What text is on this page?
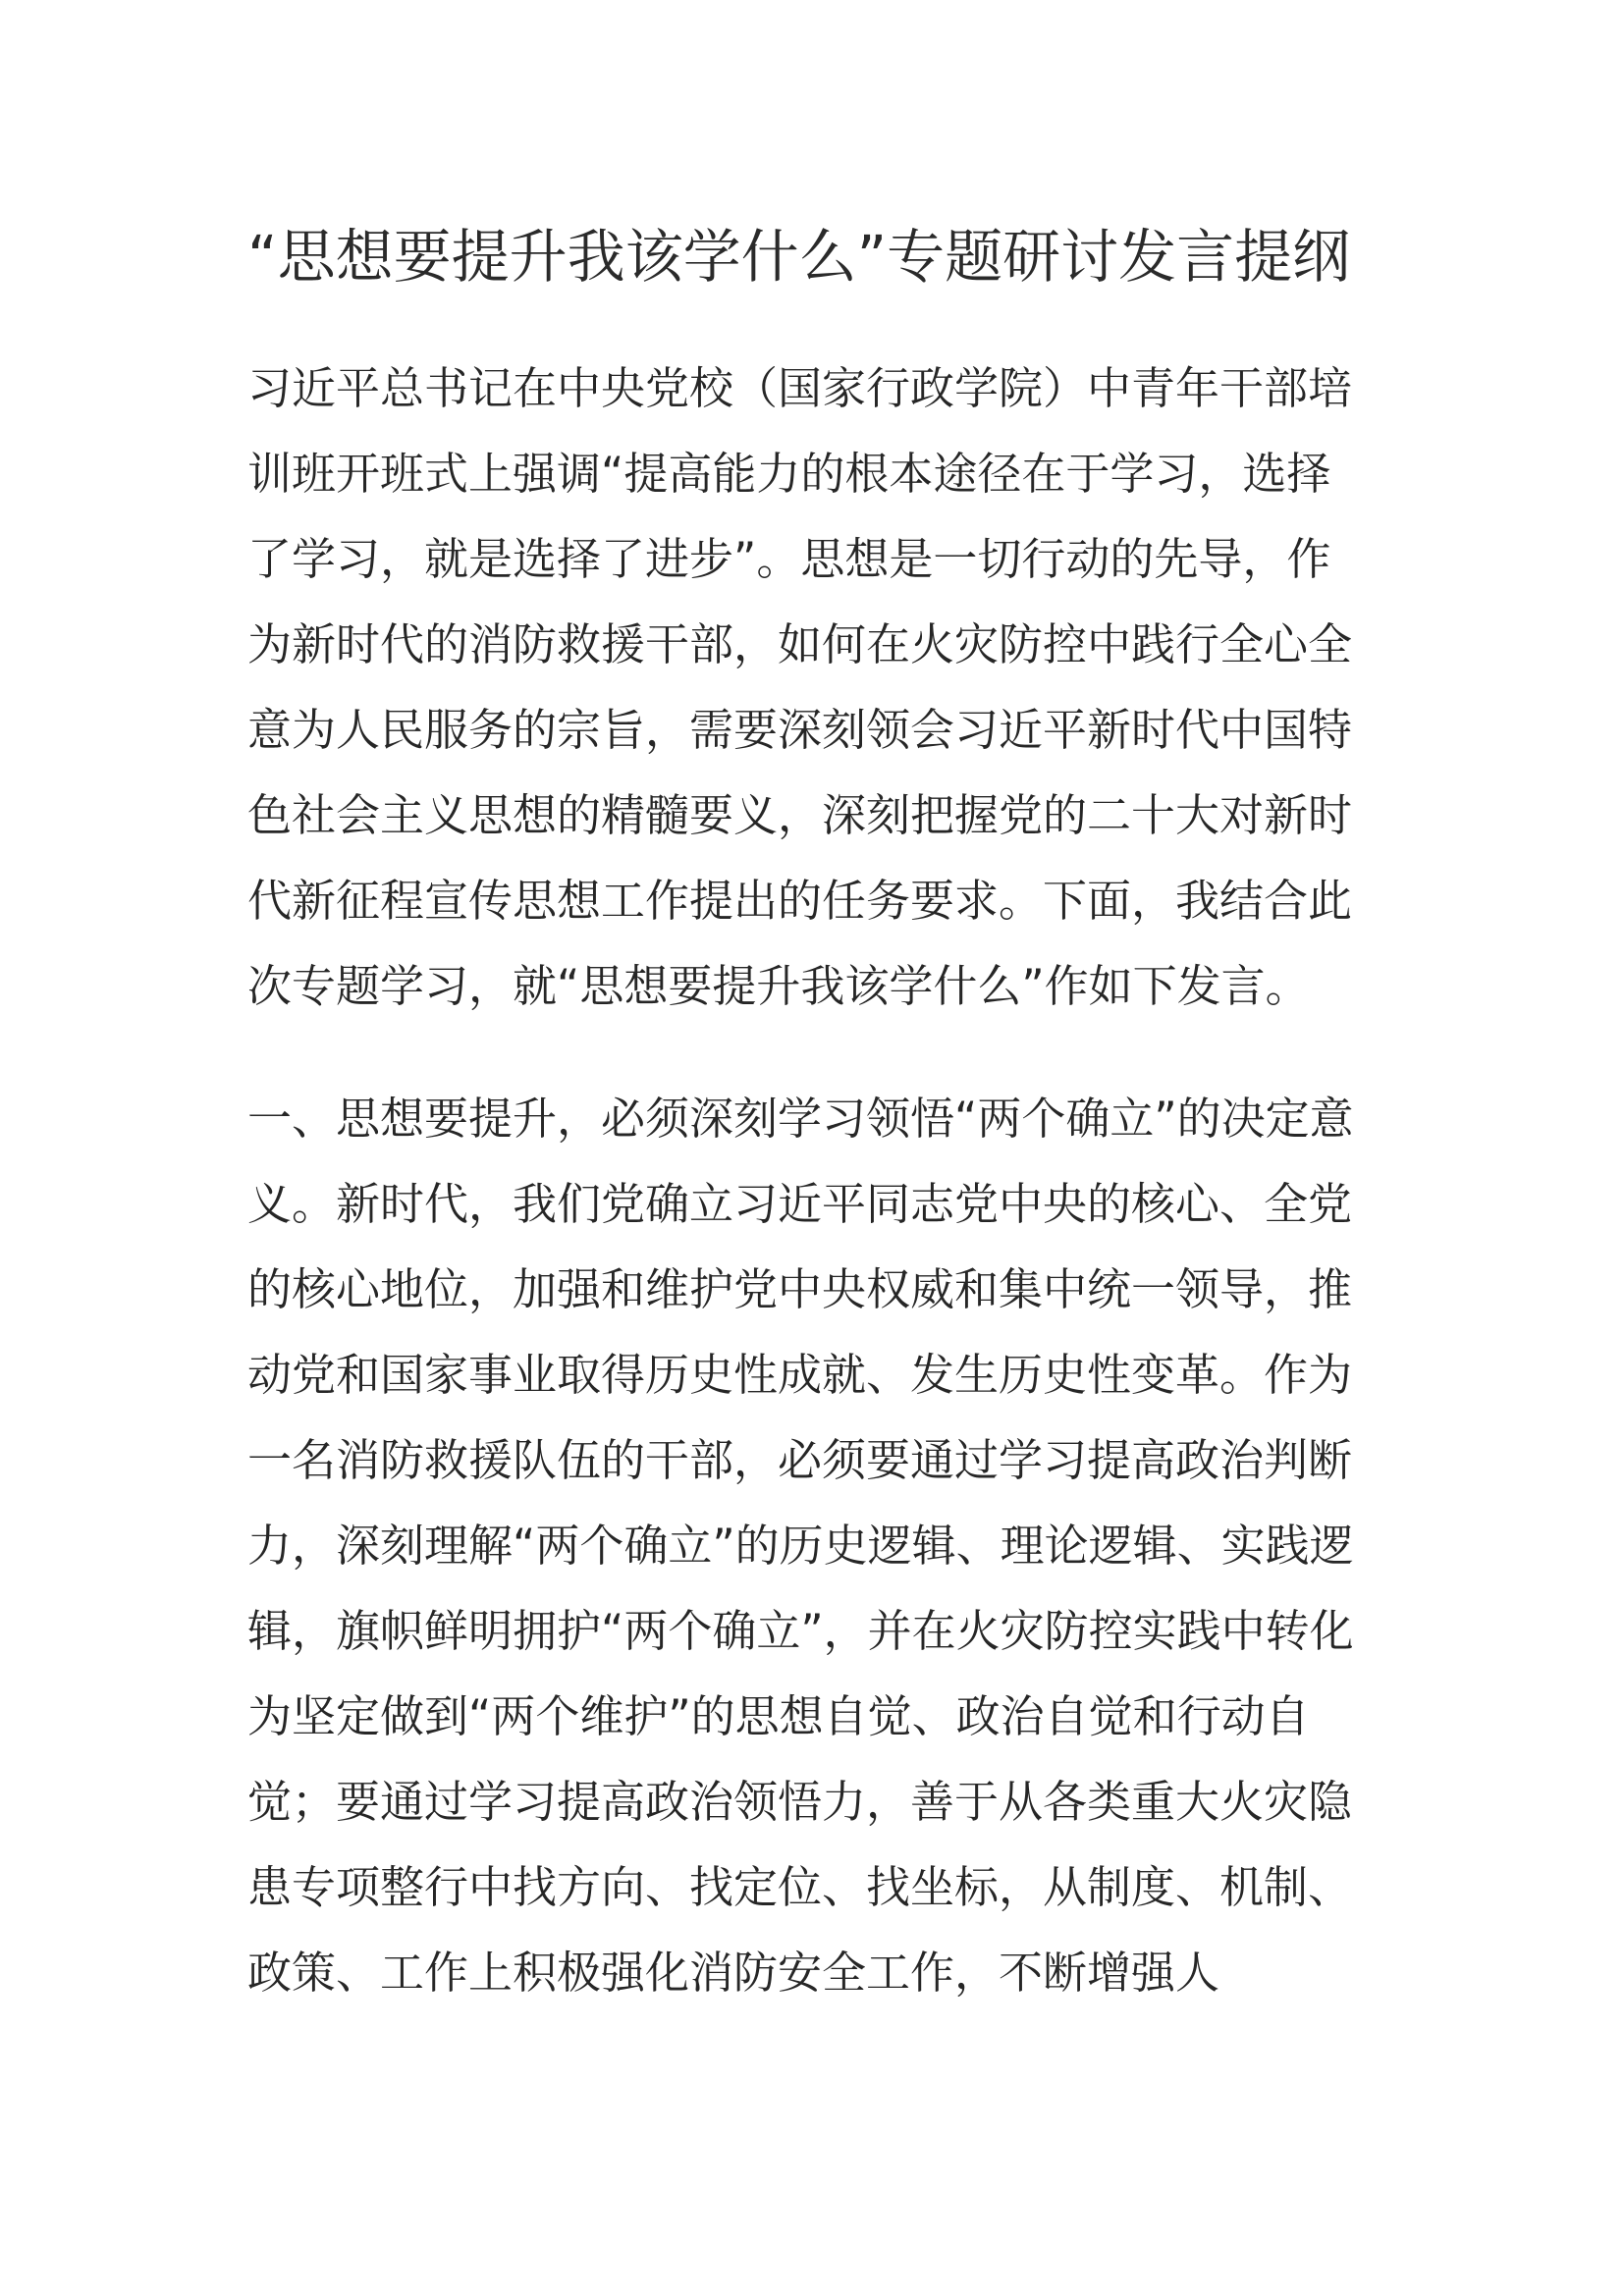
“思想要提升我该学什么”专题研讨发言提纲

习近平总书记在中央党校（国家行政学院）中青年干部培训班开班式上强调“提高能力的根本途径在于学习，选择了学习，就是选择了进步”。思想是一切行动的先导，作为新时代的消防救援干部，如何在火灾防控中践行全心全意为人民服务的宗旨，需要深刻领会习近平新时代中国特色社会主义思想的精髓要义，深刻把握党的二十大对新时代新征程宣传思想工作提出的任务要求。下面，我结合此次专题学习，就“思想要提升我该学什么”作如下发言。

一、思想要提升，必须深刻学习领悟“两个确立”的决定意义。新时代，我们党确立习近平同志党中央的核心、全党的核心地位，加强和维护党中央权威和集中统一领导，推动党和国家事业取得历史性成就、发生历史性变革。作为一名消防救援队伍的干部，必须要通过学习提高政治判断力，深刻理解“两个确立”的历史逻辑、理论逻辑、实践逻辑，旗帜鲜明拥护“两个确立”，并在火灾防控实践中转化为坚定做到“两个维护”的思想自觉、政治自觉和行动自觉；要通过学习提高政治领悟力，善于从各类重大火灾隐患专项整行中找方向、找定位、找坐标，从制度、机制、政策、工作上积极强化消防安全工作，不断增强人
